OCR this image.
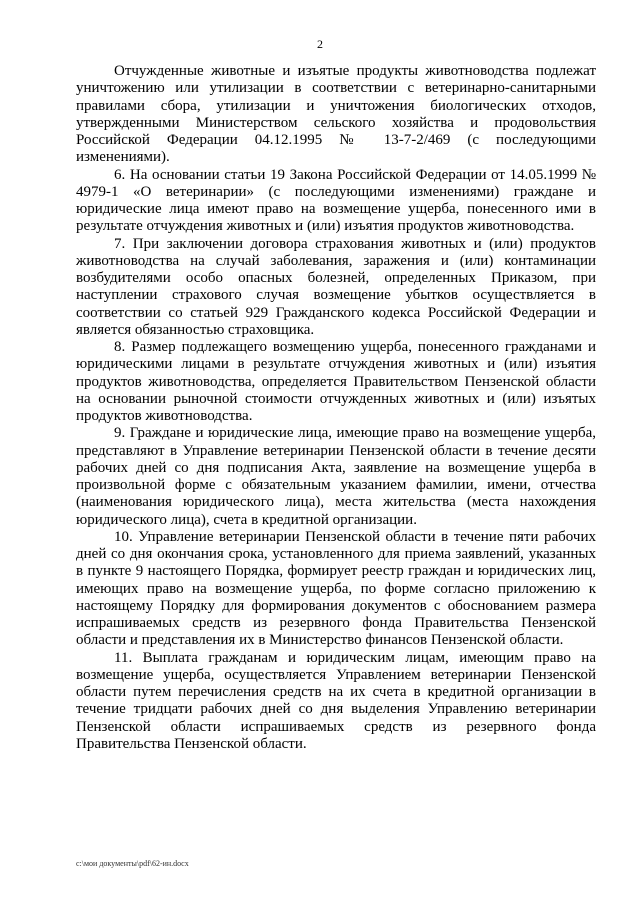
2

Отчужденные животные и изъятые продукты животноводства подлежат уничтожению или утилизации в соответствии с ветеринарно-санитарными правилами сбора, утилизации и уничтожения биологических отходов, утвержденными Министерством сельского хозяйства и продовольствия Российской Федерации 04.12.1995 № 13-7-2/469 (с последующими изменениями).

6. На основании статьи 19 Закона Российской Федерации от 14.05.1999 № 4979-1 «О ветеринарии» (с последующими изменениями) граждане и юридические лица имеют право на возмещение ущерба, понесенного ими в результате отчуждения животных и (или) изъятия продуктов животноводства.

7. При заключении договора страхования животных и (или) продуктов животноводства на случай заболевания, заражения и (или) контаминации возбудителями особо опасных болезней, определенных Приказом, при наступлении страхового случая возмещение убытков осуществляется в соответствии со статьей 929 Гражданского кодекса Российской Федерации и является обязанностью страховщика.

8. Размер подлежащего возмещению ущерба, понесенного гражданами и юридическими лицами в результате отчуждения животных и (или) изъятия продуктов животноводства, определяется Правительством Пензенской области на основании рыночной стоимости отчужденных животных и (или) изъятых продуктов животноводства.

9. Граждане и юридические лица, имеющие право на возмещение ущерба, представляют в Управление ветеринарии Пензенской области в течение десяти рабочих дней со дня подписания Акта, заявление на возмещение ущерба в произвольной форме с обязательным указанием фамилии, имени, отчества (наименования юридического лица), места жительства (места нахождения юридического лица), счета в кредитной организации.

10. Управление ветеринарии Пензенской области в течение пяти рабочих дней со дня окончания срока, установленного для приема заявлений, указанных в пункте 9 настоящего Порядка, формирует реестр граждан и юридических лиц, имеющих право на возмещение ущерба, по форме согласно приложению к настоящему Порядку для формирования документов с обоснованием размера испрашиваемых средств из резервного фонда Правительства Пензенской области и представления их в Министерство финансов Пензенской области.

11. Выплата гражданам и юридическим лицам, имеющим право на возмещение ущерба, осуществляется Управлением ветеринарии Пензенской области путем перечисления средств на их счета в кредитной организации в течение тридцати рабочих дней со дня выделения Управлению ветеринарии Пензенской области испрашиваемых средств из резервного фонда Правительства Пензенской области.

c:\мои документы\pdf\62-ин.docx
